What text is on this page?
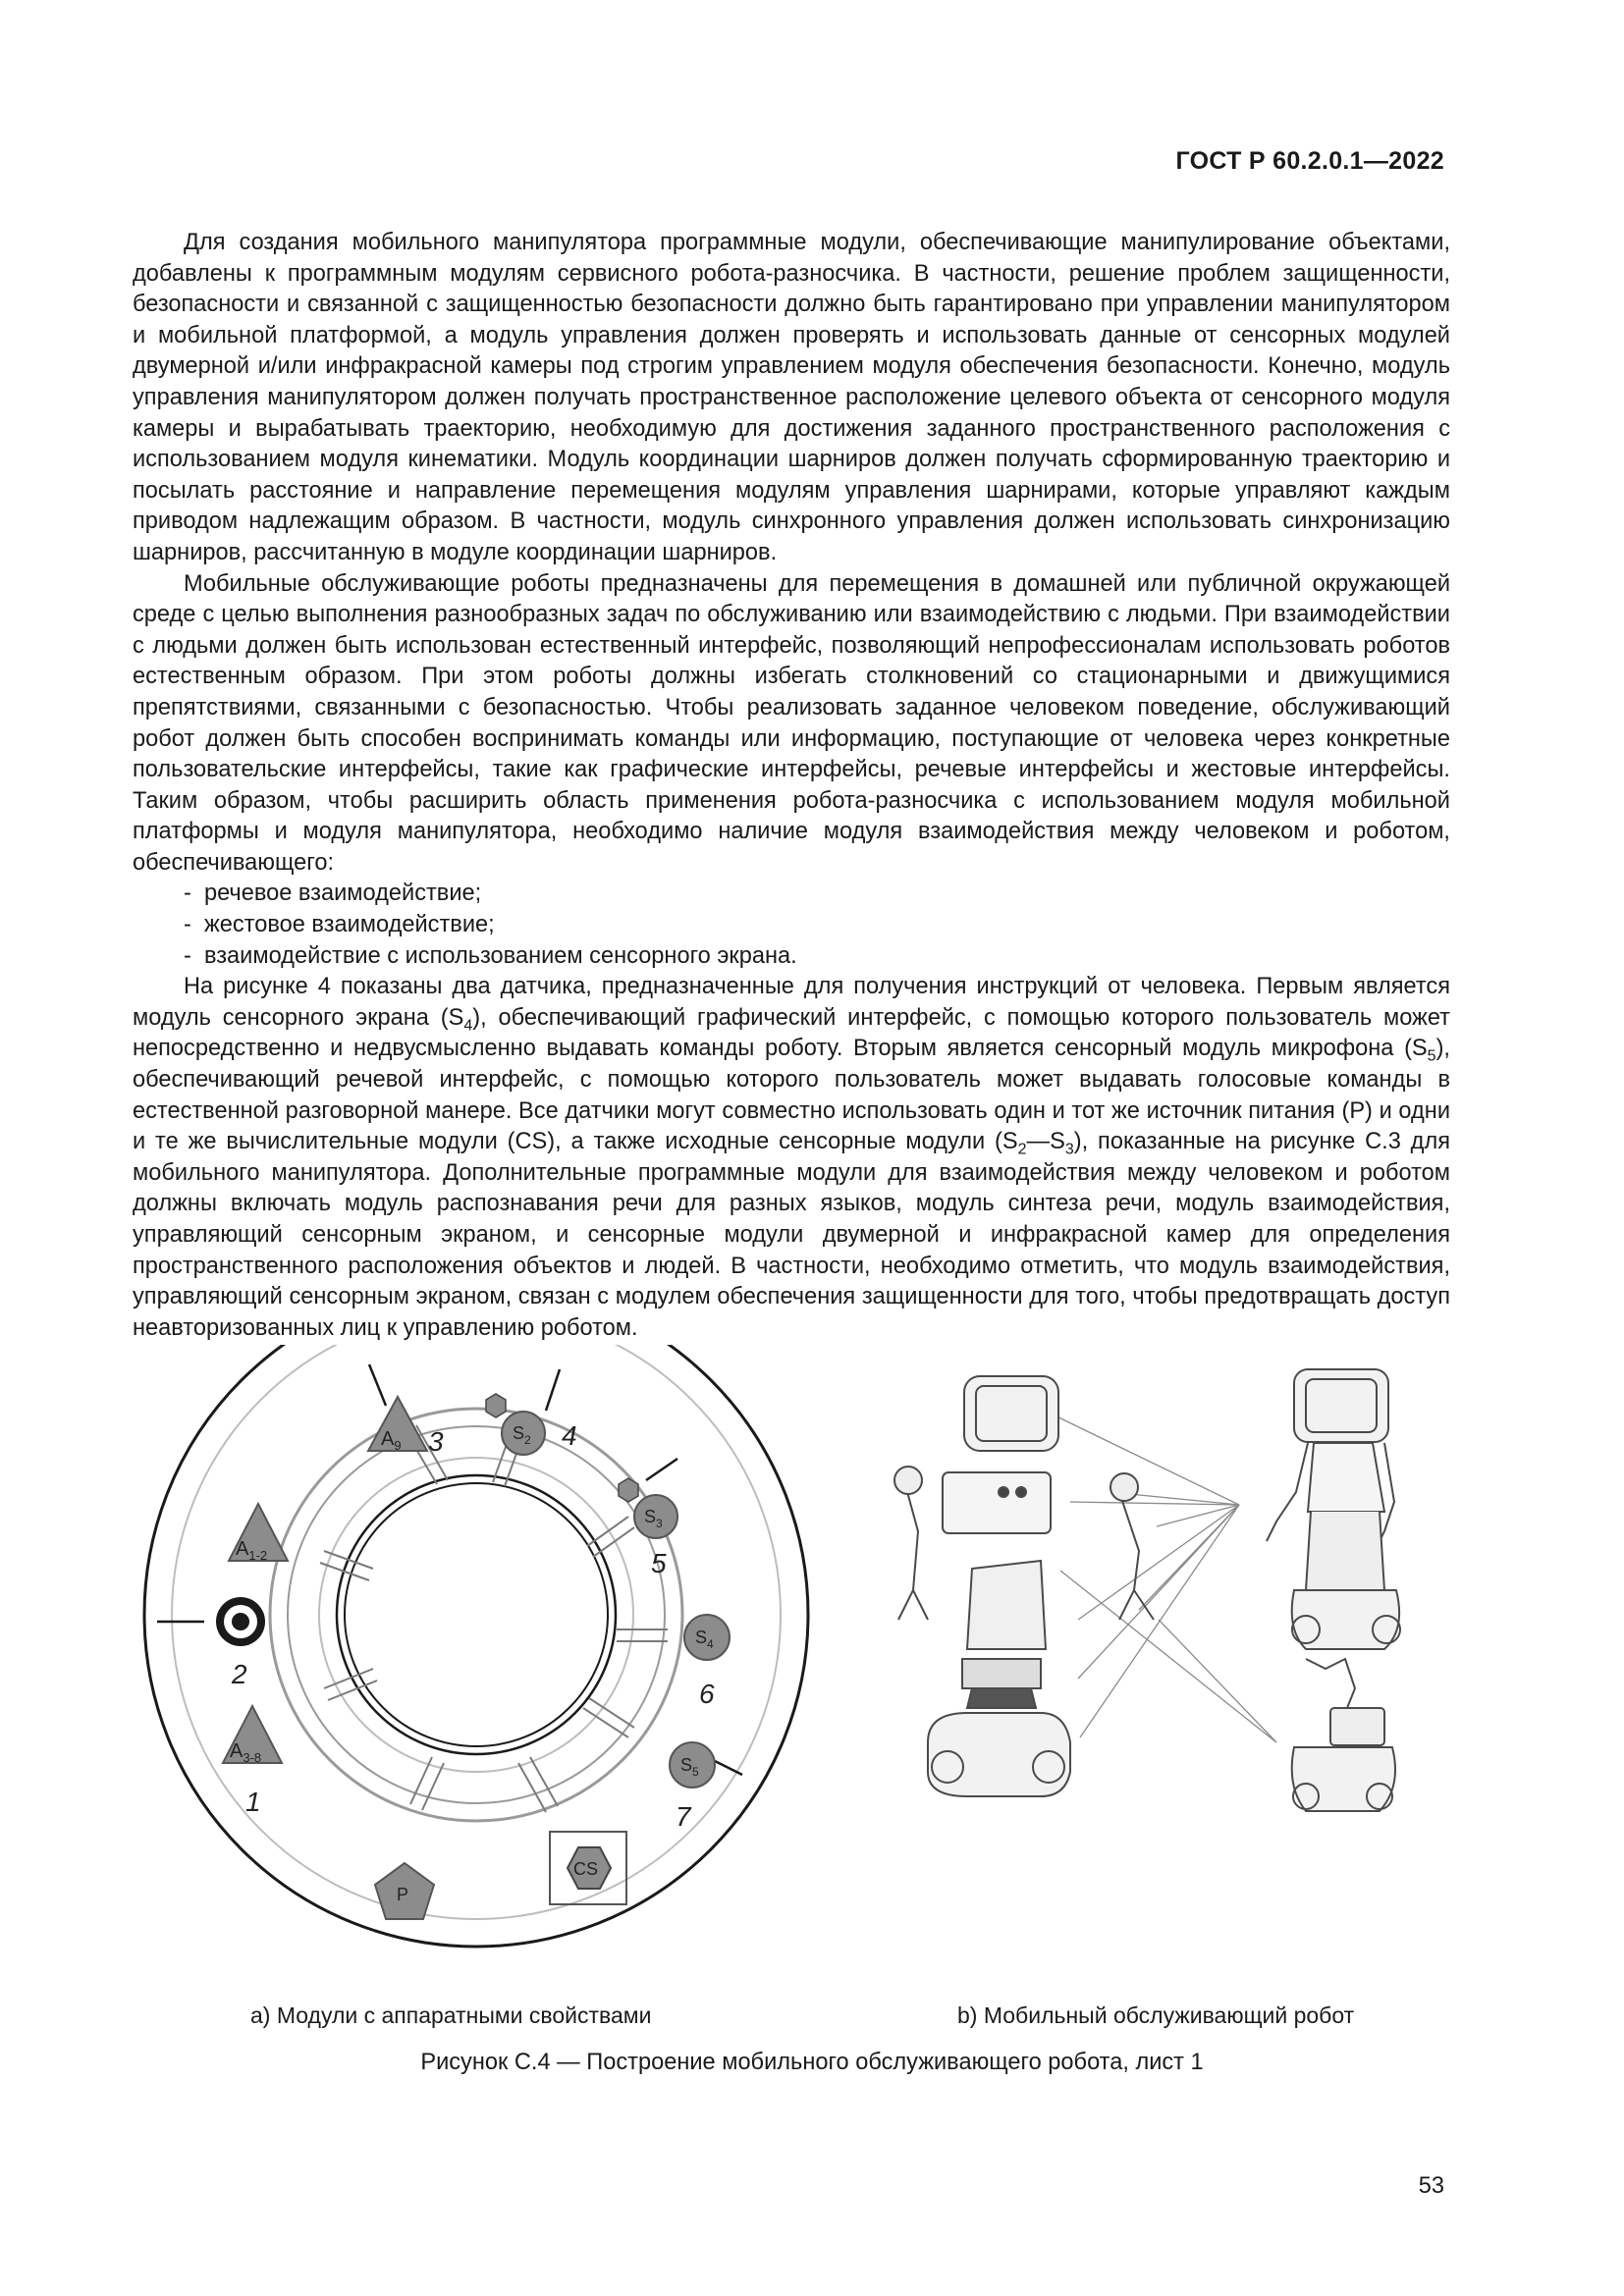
ГОСТ Р 60.2.0.1—2022

Для создания мобильного манипулятора программные модули, обеспечивающие манипулирование объектами, добавлены к программным модулям сервисного робота-разносчика. В частности, решение проблем защищенности, безопасности и связанной с защищенностью безопасности должно быть гарантировано при управлении манипулятором и мобильной платформой, а модуль управления должен проверять и использовать данные от сенсорных модулей двумерной и/или инфракрасной камеры под строгим управлением модуля обеспечения безопасности. Конечно, модуль управления манипулятором должен получать пространственное расположение целевого объекта от сенсорного модуля камеры и вырабатывать траекторию, необходимую для достижения заданного пространственного расположения с использованием модуля кинематики. Модуль координации шарниров должен получать сформированную траекторию и посылать расстояние и направление перемещения модулям управления шарнирами, которые управляют каждым приводом надлежащим образом. В частности, модуль синхронного управления должен использовать синхронизацию шарниров, рассчитанную в модуле координации шарниров.

Мобильные обслуживающие роботы предназначены для перемещения в домашней или публичной окружающей среде с целью выполнения разнообразных задач по обслуживанию или взаимодействию с людьми. При взаимодействии с людьми должен быть использован естественный интерфейс, позволяющий непрофессионалам использовать роботов естественным образом. При этом роботы должны избегать столкновений со стационарными и движущимися препятствиями, связанными с безопасностью. Чтобы реализовать заданное человеком поведение, обслуживающий робот должен быть способен воспринимать команды или информацию, поступающие от человека через конкретные пользовательские интерфейсы, такие как графические интерфейсы, речевые интерфейсы и жестовые интерфейсы. Таким образом, чтобы расширить область применения робота-разносчика с использованием модуля мобильной платформы и модуля манипулятора, необходимо наличие модуля взаимодействия между человеком и роботом, обеспечивающего:

-  речевое взаимодействие;
-  жестовое взаимодействие;
-  взаимодействие с использованием сенсорного экрана.

На рисунке 4 показаны два датчика, предназначенные для получения инструкций от человека. Первым является модуль сенсорного экрана $(S_4)$, обеспечивающий графический интерфейс, с помощью которого пользователь может непосредственно и недвусмысленно выдавать команды роботу. Вторым является сенсорный модуль микрофона $(S_5)$, обеспечивающий речевой интерфейс, с помощью которого пользователь может выдавать голосовые команды в естественной разговорной манере. Все датчики могут совместно использовать один и тот же источник питания (P) и одни и те же вычислительные модули (CS), а также исходные сенсорные модули $(S_2—S_3)$, показанные на рисунке С.3 для мобильного манипулятора. Дополнительные программные модули для взаимодействия между человеком и роботом должны включать модуль распознавания речи для разных языков, модуль синтеза речи, модуль взаимодействия, управляющий сенсорным экраном, и сенсорные модули двумерной и инфракрасной камер для определения пространственного расположения объектов и людей. В частности, необходимо отметить, что модуль взаимодействия, управляющий сенсорным экраном, связан с модулем обеспечения защищенности для того, чтобы предотвращать доступ неавторизованных лиц к управлению роботом.

$A_9$ 3	$S_2$ 4
$S_3$
5
$A_{1-2}$
2
$S_4$
6
$A_{3-8}$
1
$S_5$
7
P
CS
а) Модули с аппаратными свойствами	b) Мобильный обслуживающий робот
Рисунок С.4 — Построение мобильного обслуживающего робота, лист 1
53
